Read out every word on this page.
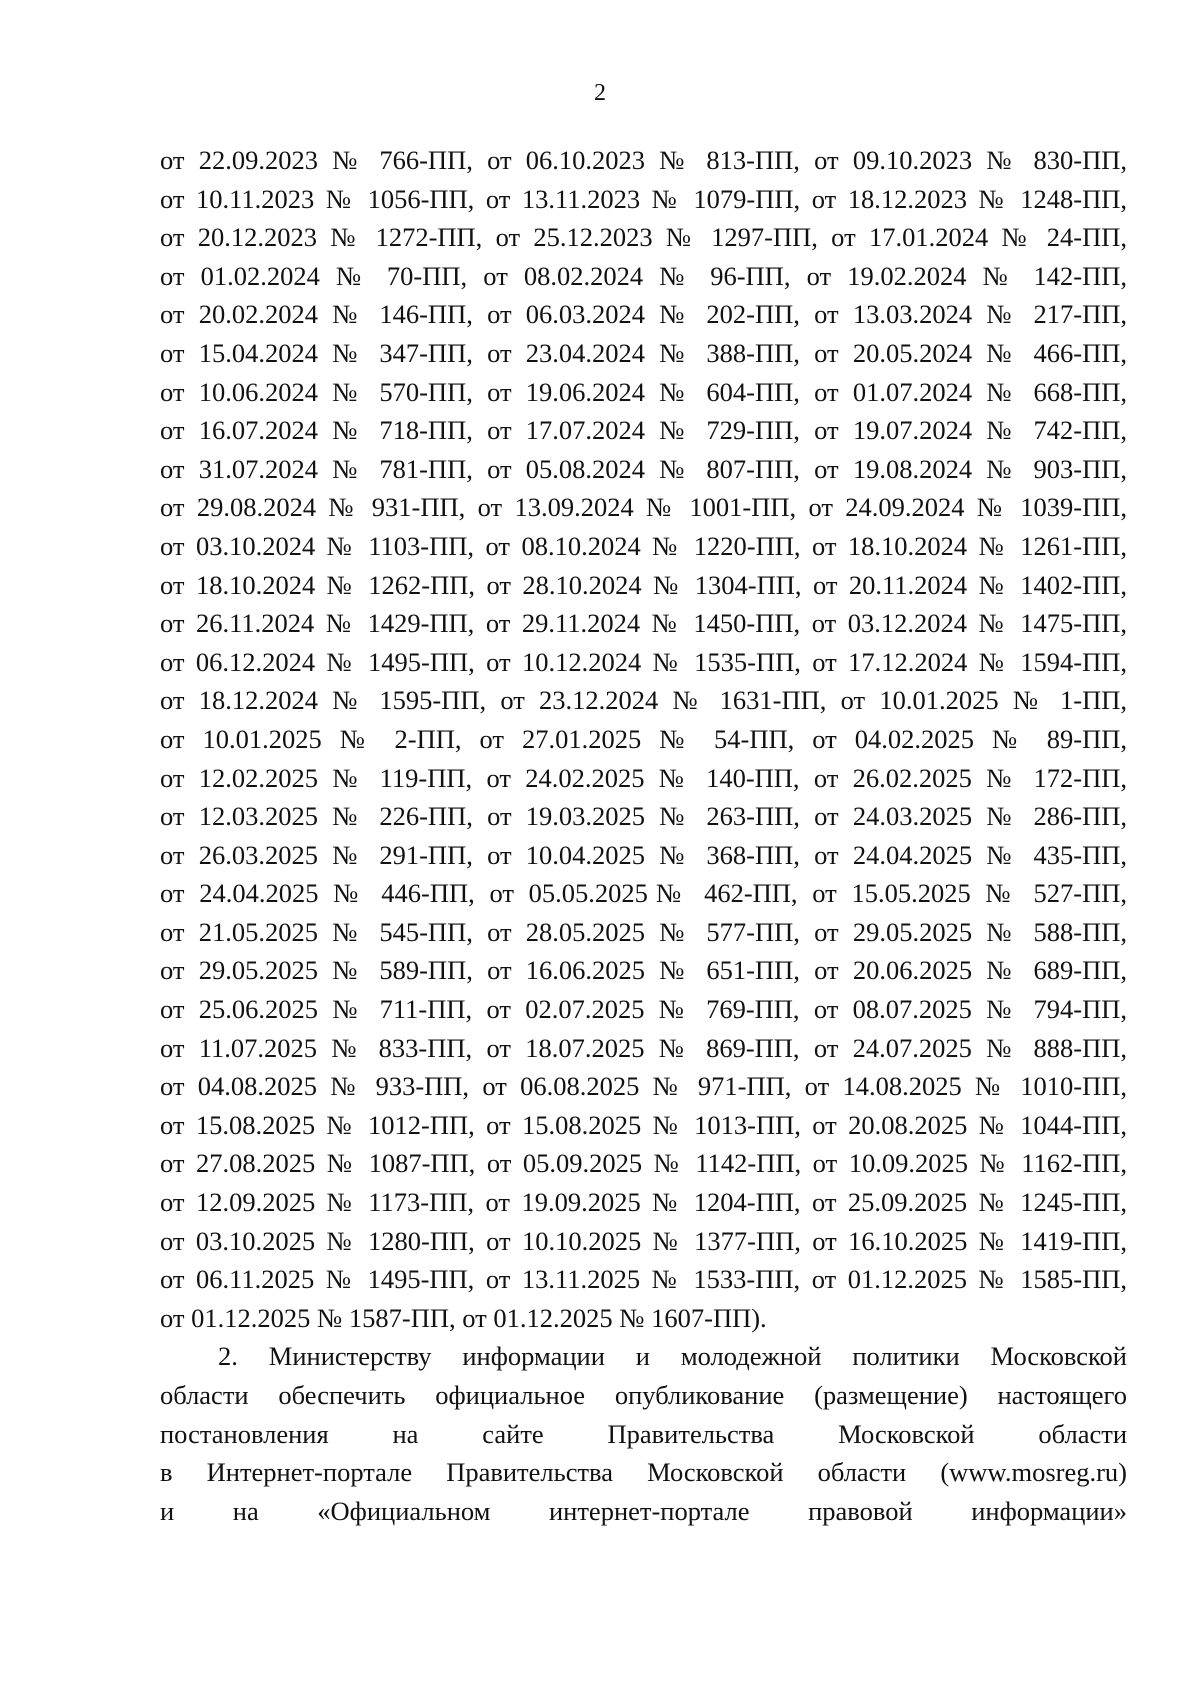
2
от 22.09.2023 № 766-ПП, от 06.10.2023 № 813-ПП, от 09.10.2023 № 830-ПП,
от 10.11.2023 № 1056-ПП, от 13.11.2023 № 1079-ПП, от 18.12.2023 № 1248-ПП,
от 20.12.2023 № 1272-ПП, от 25.12.2023 № 1297-ПП, от 17.01.2024 № 24-ПП,
от 01.02.2024 № 70-ПП, от 08.02.2024 № 96-ПП, от 19.02.2024 № 142-ПП,
от 20.02.2024 № 146-ПП, от 06.03.2024 № 202-ПП, от 13.03.2024 № 217-ПП,
от 15.04.2024 № 347-ПП, от 23.04.2024 № 388-ПП, от 20.05.2024 № 466-ПП,
от 10.06.2024 № 570-ПП, от 19.06.2024 № 604-ПП, от 01.07.2024 № 668-ПП,
от 16.07.2024 № 718-ПП, от 17.07.2024 № 729-ПП, от 19.07.2024 № 742-ПП,
от 31.07.2024 № 781-ПП, от 05.08.2024 № 807-ПП, от 19.08.2024 № 903-ПП,
от 29.08.2024 № 931-ПП, от 13.09.2024 № 1001-ПП, от 24.09.2024 № 1039-ПП,
от 03.10.2024 № 1103-ПП, от 08.10.2024 № 1220-ПП, от 18.10.2024 № 1261-ПП,
от 18.10.2024 № 1262-ПП, от 28.10.2024 № 1304-ПП, от 20.11.2024 № 1402-ПП,
от 26.11.2024 № 1429-ПП, от 29.11.2024 № 1450-ПП, от 03.12.2024 № 1475-ПП,
от 06.12.2024 № 1495-ПП, от 10.12.2024 № 1535-ПП, от 17.12.2024 № 1594-ПП,
от 18.12.2024 № 1595-ПП, от 23.12.2024 № 1631-ПП, от 10.01.2025 № 1-ПП,
от 10.01.2025 № 2-ПП, от 27.01.2025 № 54-ПП, от 04.02.2025 № 89-ПП,
от 12.02.2025 № 119-ПП, от 24.02.2025 № 140-ПП, от 26.02.2025 № 172-ПП,
от 12.03.2025 № 226-ПП, от 19.03.2025 № 263-ПП, от 24.03.2025 № 286-ПП,
от 26.03.2025 № 291-ПП, от 10.04.2025 № 368-ПП, от 24.04.2025 № 435-ПП,
от 24.04.2025 № 446-ПП, от 05.05.2025№ 462-ПП, от 15.05.2025 № 527-ПП,
от 21.05.2025 № 545-ПП, от 28.05.2025 № 577-ПП, от 29.05.2025 № 588-ПП,
от 29.05.2025 № 589-ПП, от 16.06.2025 № 651-ПП, от 20.06.2025 № 689-ПП,
от 25.06.2025 № 711-ПП, от 02.07.2025 № 769-ПП, от 08.07.2025 № 794-ПП,
от 11.07.2025 № 833-ПП, от 18.07.2025 № 869-ПП, от 24.07.2025 № 888-ПП,
от 04.08.2025 № 933-ПП, от 06.08.2025 № 971-ПП, от 14.08.2025 № 1010-ПП,
от 15.08.2025 № 1012-ПП, от 15.08.2025 № 1013-ПП, от 20.08.2025 № 1044-ПП,
от 27.08.2025 № 1087-ПП, от 05.09.2025 № 1142-ПП, от 10.09.2025 № 1162-ПП,
от 12.09.2025 № 1173-ПП, от 19.09.2025 № 1204-ПП, от 25.09.2025 № 1245-ПП,
от 03.10.2025 № 1280-ПП, от 10.10.2025 № 1377-ПП, от 16.10.2025 № 1419-ПП,
от 06.11.2025 № 1495-ПП, от 13.11.2025 № 1533-ПП, от 01.12.2025 № 1585-ПП,
от 01.12.2025 № 1587-ПП, от 01.12.2025 № 1607-ПП).
2. Министерству информации и молодежной политики Московской
области обеспечить официальное опубликование (размещение) настоящего
постановления на сайте Правительства Московской области
в Интернет-портале Правительства Московской области (www.mosreg.ru)
и на «Официальном интернет-портале правовой информации»
